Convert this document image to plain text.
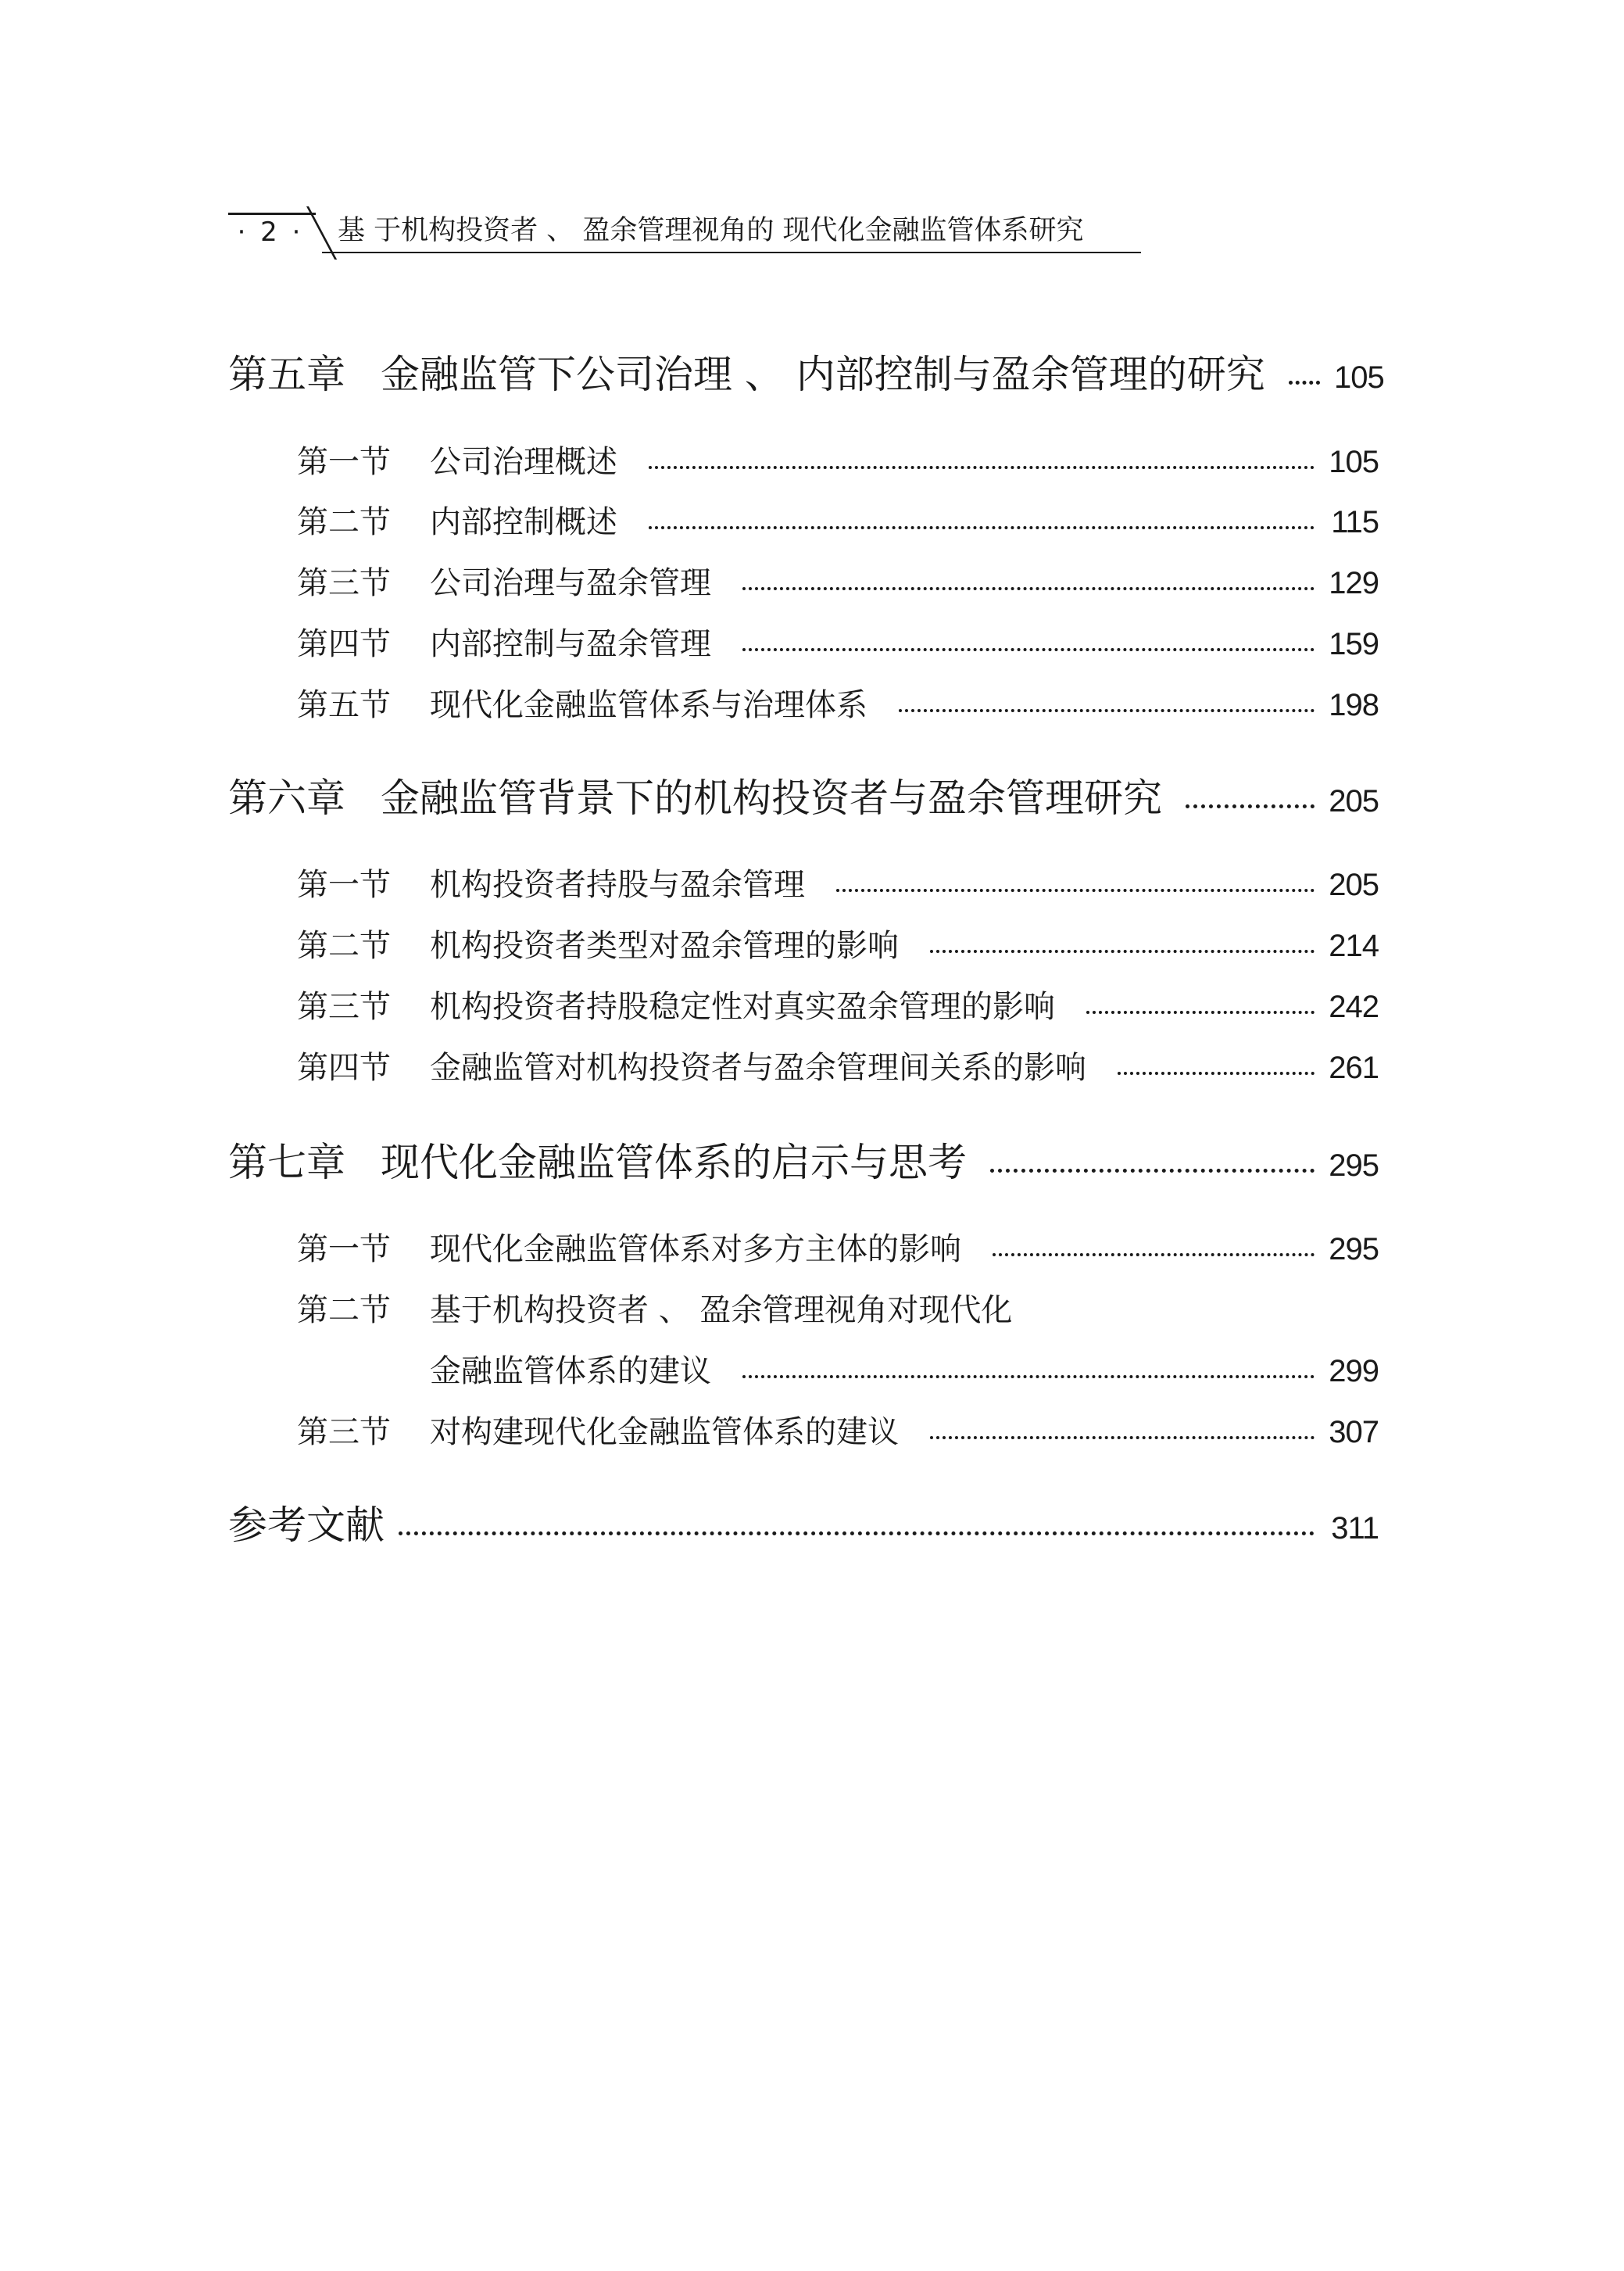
· 2 ·	基 于机构投资者 、 盈余管理视角的 现代化金融监管体系研究
第五章 金融监管下公司治理 、 内部控制与盈余管理的研究 105
第一节	公司治理概述	105
第二节	内部控制概述	115
第三节	公司治理与盈余管理	129
第四节	内部控制与盈余管理	159
第五节	现代化金融监管体系与治理体系	198
第六章 金融监管背景下的机构投资者与盈余管理研究	205
第一节	机构投资者持股与盈余管理	205
第二节	机构投资者类型对盈余管理的影响	214
第三节	机构投资者持股稳定性对真实盈余管理的影响	242
第四节	金融监管对机构投资者与盈余管理间关系的影响	261
第七章 现代化金融监管体系的启示与思考	295
第一节	现代化金融监管体系对多方主体的影响	295
第二节	基于机构投资者 、 盈余管理视角对现代化
金融监管体系的建议	299
第三节	对构建现代化金融监管体系的建议	307
参考文献	311
